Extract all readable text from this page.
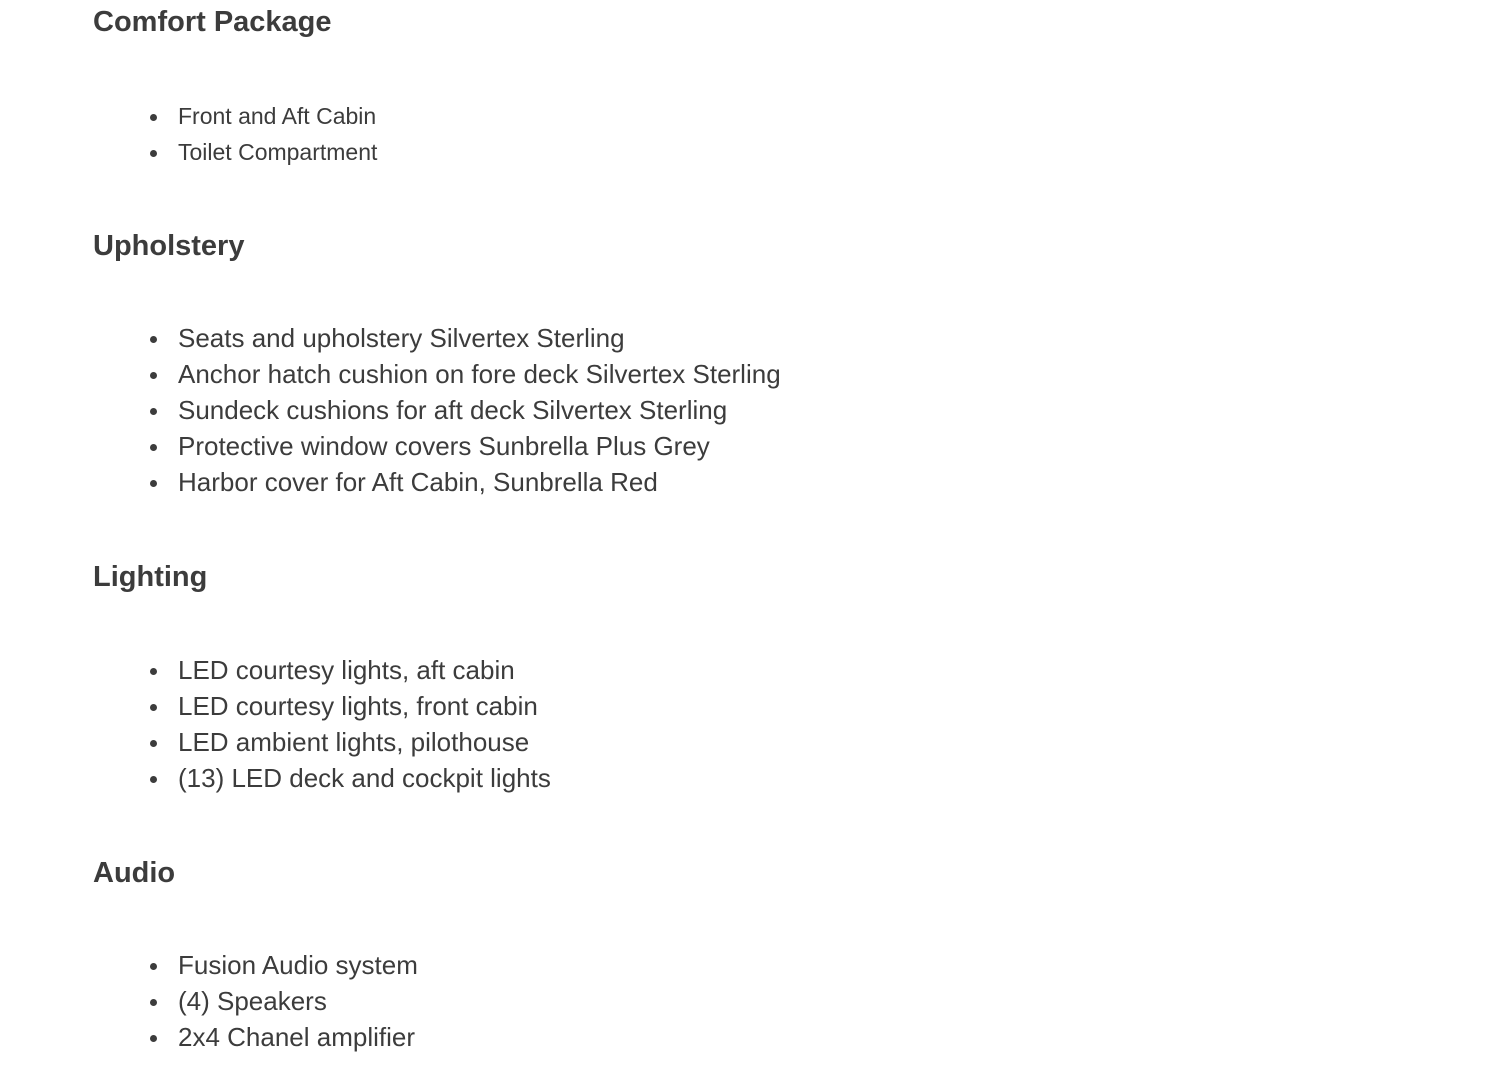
Comfort Package
Front and Aft Cabin
Toilet Compartment
Upholstery
Seats and upholstery Silvertex Sterling
Anchor hatch cushion on fore deck Silvertex Sterling
Sundeck cushions for aft deck Silvertex Sterling
Protective window covers Sunbrella Plus Grey
Harbor cover for Aft Cabin, Sunbrella Red
Lighting
LED courtesy lights, aft cabin
LED courtesy lights, front cabin
LED ambient lights, pilothouse
(13) LED deck and cockpit lights
Audio
Fusion Audio system
(4) Speakers
2x4 Chanel amplifier
